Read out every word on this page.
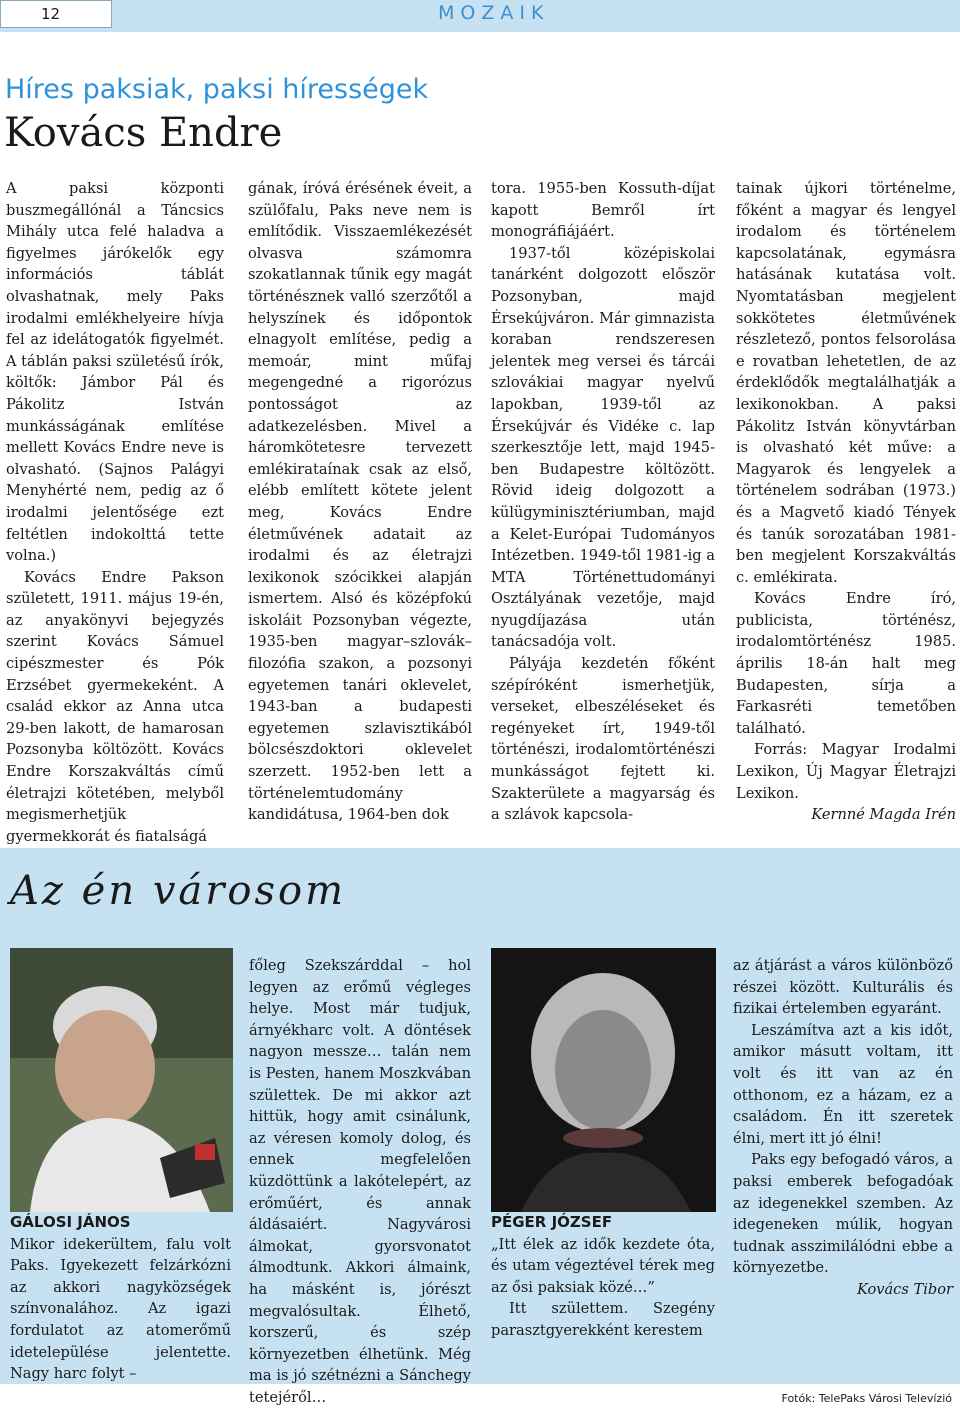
12	MOZAIK
Híres paksiak, paksi hírességek
Kovács Endre

A paksi központi buszmegállónál a Táncsics Mihály utca felé haladva a figyelmes járókelők egy információs táblát olvashatnak, mely Paks irodalmi emlékhelyeire hívja fel az idelátogatók figyelmét. A táblán paksi születésű írók, költők: Jámbor Pál és Pákolitz István munkásságának említése mellett Kovács Endre neve is olvasható. (Sajnos Palágyi Menyhérté nem, pedig az ő irodalmi jelentősége ezt feltétlen indokolttá tette volna.)

Kovács Endre Pakson született, 1911. május 19-én, az anyakönyvi bejegyzés szerint Kovács Sámuel cipészmester és Pók Erzsébet gyermekeként. A család ekkor az Anna utca 29-ben lakott, de hamarosan Pozsonyba költözött. Kovács Endre Korszakváltás című életrajzi kötetében, melyből megismerhetjük gyermekkorát és fiatalságá

gának, íróvá érésének éveit, a szülőfalu, Paks neve nem is említődik. Visszaemlékezését olvasva számomra szokatlannak tűnik egy magát történésznek valló szerzőtől a helyszínek és időpontok elnagyolt említése, pedig a memoár, mint műfaj megengedné a rigorózus pontosságot az adatkezelésben. Mivel a háromkötetesre tervezett emlékirataínak csak az első, elébb említett kötete jelent meg, Kovács Endre életművének adatait az irodalmi és az életrajzi lexikonok szócikkei alapján ismertem. Alsó és középfokú iskoláit Pozsonyban végezte, 1935-ben magyar–szlovák–filozófia szakon, a pozsonyi egyetemen tanári oklevelet, 1943-ban a budapesti egyetemen szlavisztikából bölcsészdoktori oklevelet szerzett. 1952-ben lett a történelemtudomány kandidátusa, 1964-ben dok

tora. 1955-ben Kossuth-díjat kapott Bemről írt monográfiájáért.

1937-től középiskolai tanárként dolgozott először Pozsonyban, majd Érsekújváron. Már gimnazista koraban rendszeresen jelentek meg versei és tárcái szlovákiai magyar nyelvű lapokban, 1939-től az Érsekújvár és Vidéke c. lap szerkesztője lett, majd 1945-ben Budapestre költözött. Rövid ideig dolgozott a külügyminisztériumban, majd a Kelet-Európai Tudományos Intézetben. 1949-től 1981-ig a MTA Történettudományi Osztályának vezetője, majd nyugdíjazása után tanácsadója volt.

Pályája kezdetén főként szépíróként ismerhetjük, verseket, elbeszéléseket és regényeket írt, 1949-től történészi, irodalomtörténészi munkásságot fejtett ki. Szakterülete a magyarság és a szlávok kapcsola-

tainak újkori történelme, főként a magyar és lengyel irodalom és történelem kapcsolatának, egymásra hatásának kutatása volt. Nyomtatásban megjelent sokkötetes életművének részletező, pontos felsorolása e rovatban lehetetlen, de az érdeklődők megtalálhatják a lexikonokban. A paksi Pákolitz István könyvtárban is olvasható két műve: a Magyarok és lengyelek a történelem sodrában (1973.) és a Magvető kiadó Tények és tanúk sorozatában 1981-ben megjelent Korszakváltás c. emlékirata.

Kovács Endre író, publicista, történész, irodalomtörténész 1985. április 18-án halt meg Budapesten, sírja a Farkasréti temetőben található.

Forrás: Magyar Irodalmi Lexikon, Új Magyar Életrajzi Lexikon.

Kernné Magda Irén

Az én városom

GÁLOSI JÁNOS

Mikor idekerültem, falu volt Paks. Igyekezett felzárkózni az akkori nagyközségek színvonalához. Az igazi fordulatot az atomerőmű idetelepülése jelentette. Nagy harc folyt –

főleg Szekszárddal – hol legyen az erőmű végleges helye. Most már tudjuk, árnyékharc volt. A döntések nagyon messze… talán nem is Pesten, hanem Moszkvában születtek. De mi akkor azt hittük, hogy amit csinálunk, az véresen komoly dolog, és ennek megfelelően küzdöttünk a lakótelepért, az erőműért, és annak áldásaiért. Nagyvárosi álmokat, gyorsvonatot álmodtunk. Akkori álmaink, ha másként is, jórészt megvalósultak. Élhető, korszerű, és szép környezetben élhetünk. Még ma is jó szétnézni a Sánchegy tetejéről…

PÉGER JÓZSEF

„Itt élek az idők kezdete óta, és utam végeztével térek meg az ősi paksiak közé…”

Itt születtem. Szegény parasztgyerekként kerestem

az átjárást a város különböző részei között. Kulturális és fizikai értelemben egyaránt.

Leszámítva azt a kis időt, amikor másutt voltam, itt volt és itt van az én otthonom, ez a házam, ez a családom. Én itt szeretek élni, mert itt jó élni!

Paks egy befogadó város, a paksi emberek befogadóak az idegenekkel szemben. Az idegeneken múlik, hogyan tudnak asszimilálódni ebbe a környezetbe.

Kovács Tibor

Fotók: TelePaks Városi Televízió
